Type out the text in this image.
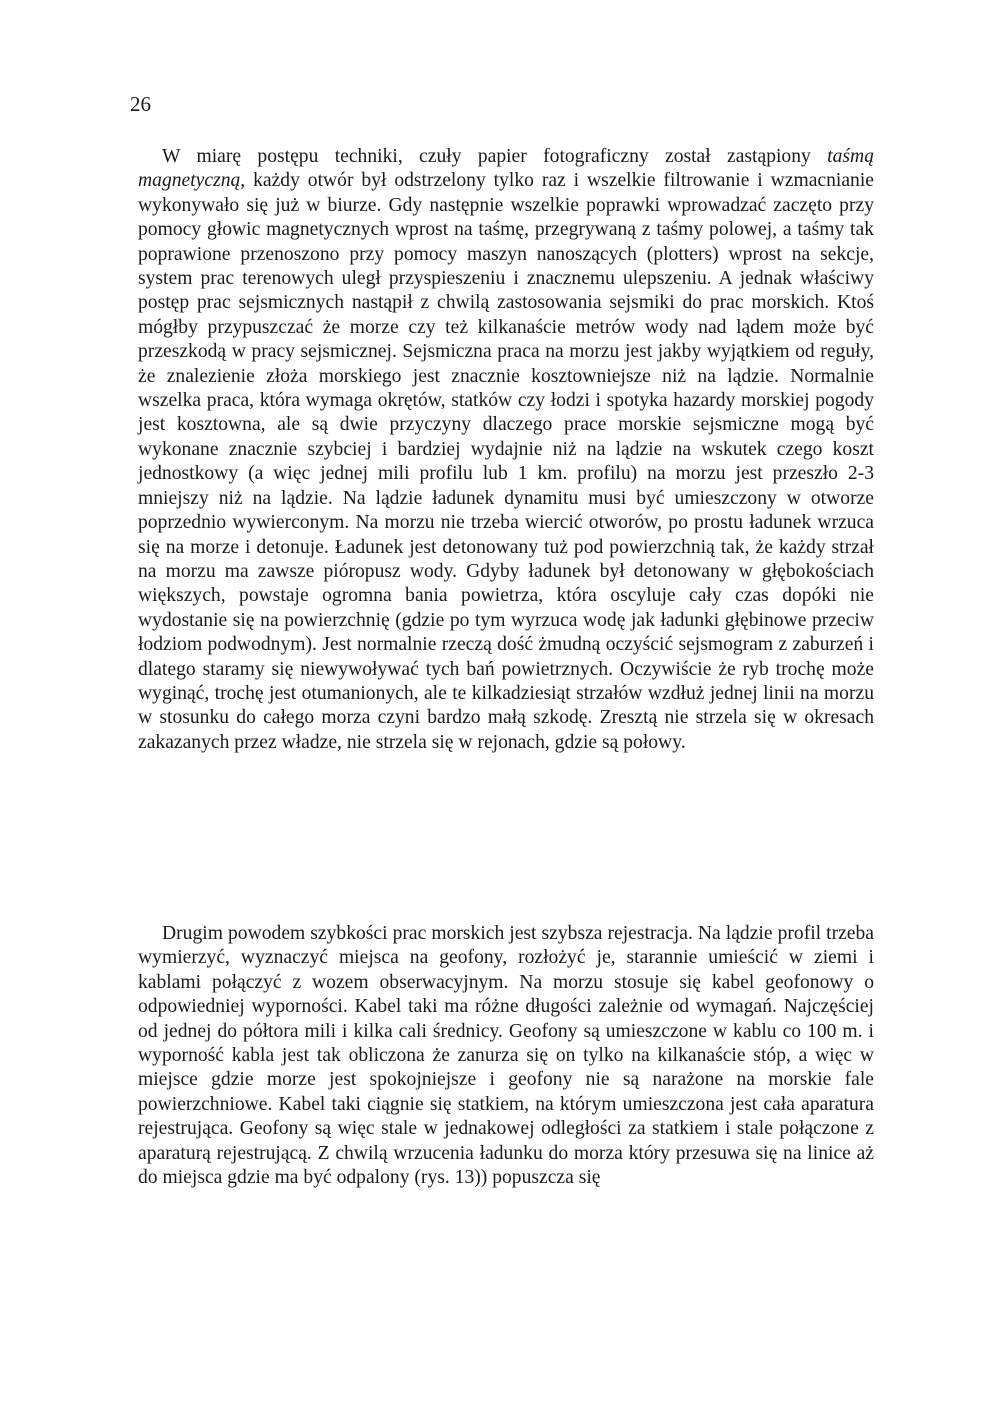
26

W miarę postępu techniki, czuły papier fotograficzny został zastąpiony taśmą magnetyczną, każdy otwór był odstrzelony tylko raz i wszelkie filtrowanie i wzmacnianie wykonywało się już w biurze. Gdy następnie wszelkie poprawki wprowadzać zaczęto przy pomocy głowic magnetycznych wprost na taśmę, przegrywaną z taśmy polowej, a taśmy tak poprawione przenoszono przy pomocy maszyn nanoszących (plotters) wprost na sekcje, system prac terenowych uległ przyspieszeniu i znacznemu ulepszeniu. A jednak właściwy postęp prac sejsmicznych nastąpił z chwilą zastosowania sejsmiki do prac morskich. Ktoś mógłby przypuszczać że morze czy też kilkanaście metrów wody nad lądem może być przeszkodą w pracy sejsmicznej. Sejsmiczna praca na morzu jest jakby wyjątkiem od reguły, że znalezienie złoża morskiego jest znacznie kosztowniejsze niż na lądzie. Normalnie wszelka praca, która wymaga okrętów, statków czy łodzi i spotyka hazardy morskiej pogody jest kosztowna, ale są dwie przyczyny dlaczego prace morskie sejsmiczne mogą być wykonane znacznie szybciej i bardziej wydajnie niż na lądzie na wskutek czego koszt jednostkowy (a więc jednej mili profilu lub 1 km. profilu) na morzu jest przeszło 2-3 mniejszy niż na lądzie. Na lądzie ładunek dynamitu musi być umieszczony w otworze poprzednio wywierconym. Na morzu nie trzeba wiercić otworów, po prostu ładunek wrzuca się na morze i detonuje. Ładunek jest detonowany tuż pod powierzchnią tak, że każdy strzał na morzu ma zawsze pióropusz wody. Gdyby ładunek był detonowany w głębokościach większych, powstaje ogromna bania powietrza, która oscyluje cały czas dopóki nie wydostanie się na powierzchnię (gdzie po tym wyrzuca wodę jak ładunki głębinowe przeciw łodziom podwodnym). Jest normalnie rzeczą dość żmudną oczyścić sejsmogram z zaburzeń i dlatego staramy się niewywoływać tych bań powietrznych. Oczywiście że ryb trochę może wyginąć, trochę jest otumanionych, ale te kilkadziesiąt strzałów wzdłuż jednej linii na morzu w stosunku do całego morza czyni bardzo małą szkodę. Zresztą nie strzela się w okresach zakazanych przez władze, nie strzela się w rejonach, gdzie są połowy.

Drugim powodem szybkości prac morskich jest szybsza rejestracja. Na lądzie profil trzeba wymierzyć, wyznaczyć miejsca na geofony, rozłożyć je, starannie umieścić w ziemi i kablami połączyć z wozem obserwacyjnym. Na morzu stosuje się kabel geofonowy o odpowiedniej wyporności. Kabel taki ma różne długości zależnie od wymagań. Najczęściej od jednej do półtora mili i kilka cali średnicy. Geofony są umieszczone w kablu co 100 m. i wyporność kabla jest tak obliczona że zanurza się on tylko na kilkanaście stóp, a więc w miejsce gdzie morze jest spokojniejsze i geofony nie są narażone na morskie fale powierzchniowe. Kabel taki ciągnie się statkiem, na którym umieszczona jest cała aparatura rejestrująca. Geofony są więc stale w jednakowej odległości za statkiem i stale połączone z aparaturą rejestrującą. Z chwilą wrzucenia ładunku do morza który przesuwa się na linice aż do miejsca gdzie ma być odpalony (rys. 13)) popuszcza się
